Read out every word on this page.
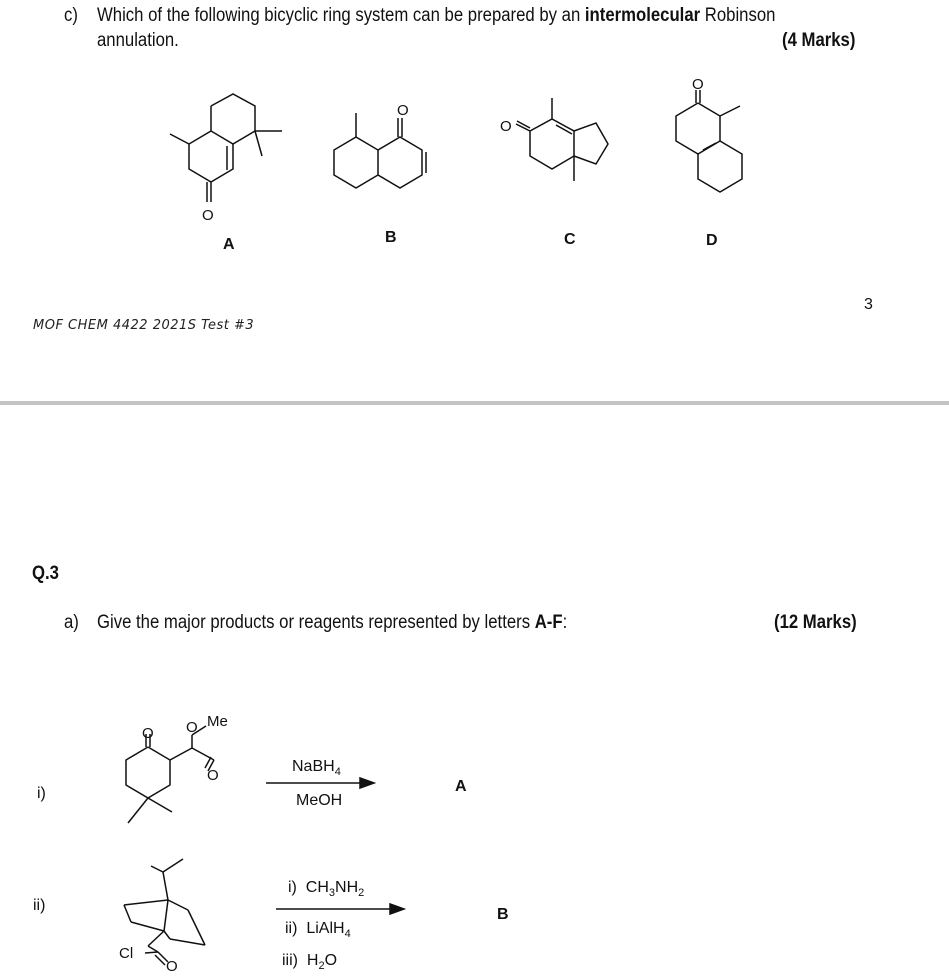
c) Which of the following bicyclic ring system can be prepared by an intermolecular Robinson
annulation.	(4 Marks)
O
A
O
B
O
C
O
D
MOF CHEM 4422 2021S Test #3
3
Q.3
a) Give the major products or reagents represented by letters A-F:	(12 Marks)
i)
O O Me
O
NaBH$_4$
MeOH
A
ii)
Cl
O
i) $CH_3NH_2$
ii) LiAlH$_4$
iii) $H_2O$
B
